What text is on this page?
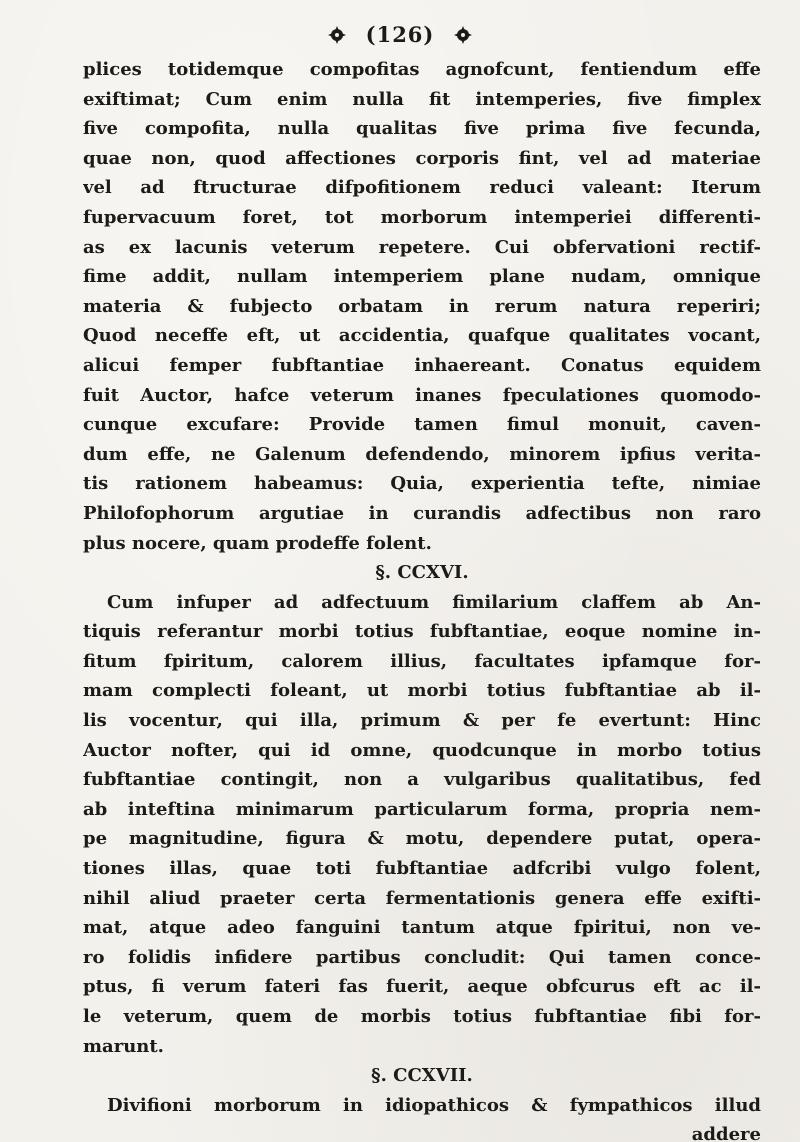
(126)
plices totidemque compofitas agnofcunt, fentiendum effe
exiftimat; Cum enim nulla fit intemperies, five fimplex
five compofita, nulla qualitas five prima five fecunda,
quae non, quod affectiones corporis fint, vel ad materiae
vel ad ftructurae difpofitionem reduci valeant: Iterum
fupervacuum foret, tot morborum intemperiei differenti-
as ex lacunis veterum repetere. Cui obfervationi rectif-
fime addit, nullam intemperiem plane nudam, omnique
materia & fubjecto orbatam in rerum natura reperiri;
Quod neceffe eft, ut accidentia, quafque qualitates vocant,
alicui femper fubftantiae inhaereant. Conatus equidem
fuit Auctor, hafce veterum inanes fpeculationes quomodo-
cunque excufare: Provide tamen fimul monuit, caven-
dum effe, ne Galenum defendendo, minorem ipfius verita-
tis rationem habeamus: Quia, experientia tefte, nimiae
Philofophorum argutiae in curandis adfectibus non raro
plus nocere, quam prodeffe folent.
§. CCXVI.
Cum infuper ad adfectuum fimilarium claffem ab An-
tiquis referantur morbi totius fubftantiae, eoque nomine in-
fitum fpiritum, calorem illius, facultates ipfamque for-
mam complecti foleant, ut morbi totius fubftantiae ab il-
lis vocentur, qui illa, primum & per fe evertunt: Hinc
Auctor nofter, qui id omne, quodcunque in morbo totius
fubftantiae contingit, non a vulgaribus qualitatibus, fed
ab inteftina minimarum particularum forma, propria nem-
pe magnitudine, figura & motu, dependere putat, opera-
tiones illas, quae toti fubftantiae adfcribi vulgo folent,
nihil aliud praeter certa fermentationis genera effe exifti-
mat, atque adeo fanguini tantum atque fpiritui, non ve-
ro folidis infidere partibus concludit: Qui tamen conce-
ptus, fi verum fateri fas fuerit, aeque obfcurus eft ac il-
le veterum, quem de morbis totius fubftantiae fibi for-
marunt.
§. CCXVII.
Divifioni morborum in idiopathicos & fympathicos illud
addere
